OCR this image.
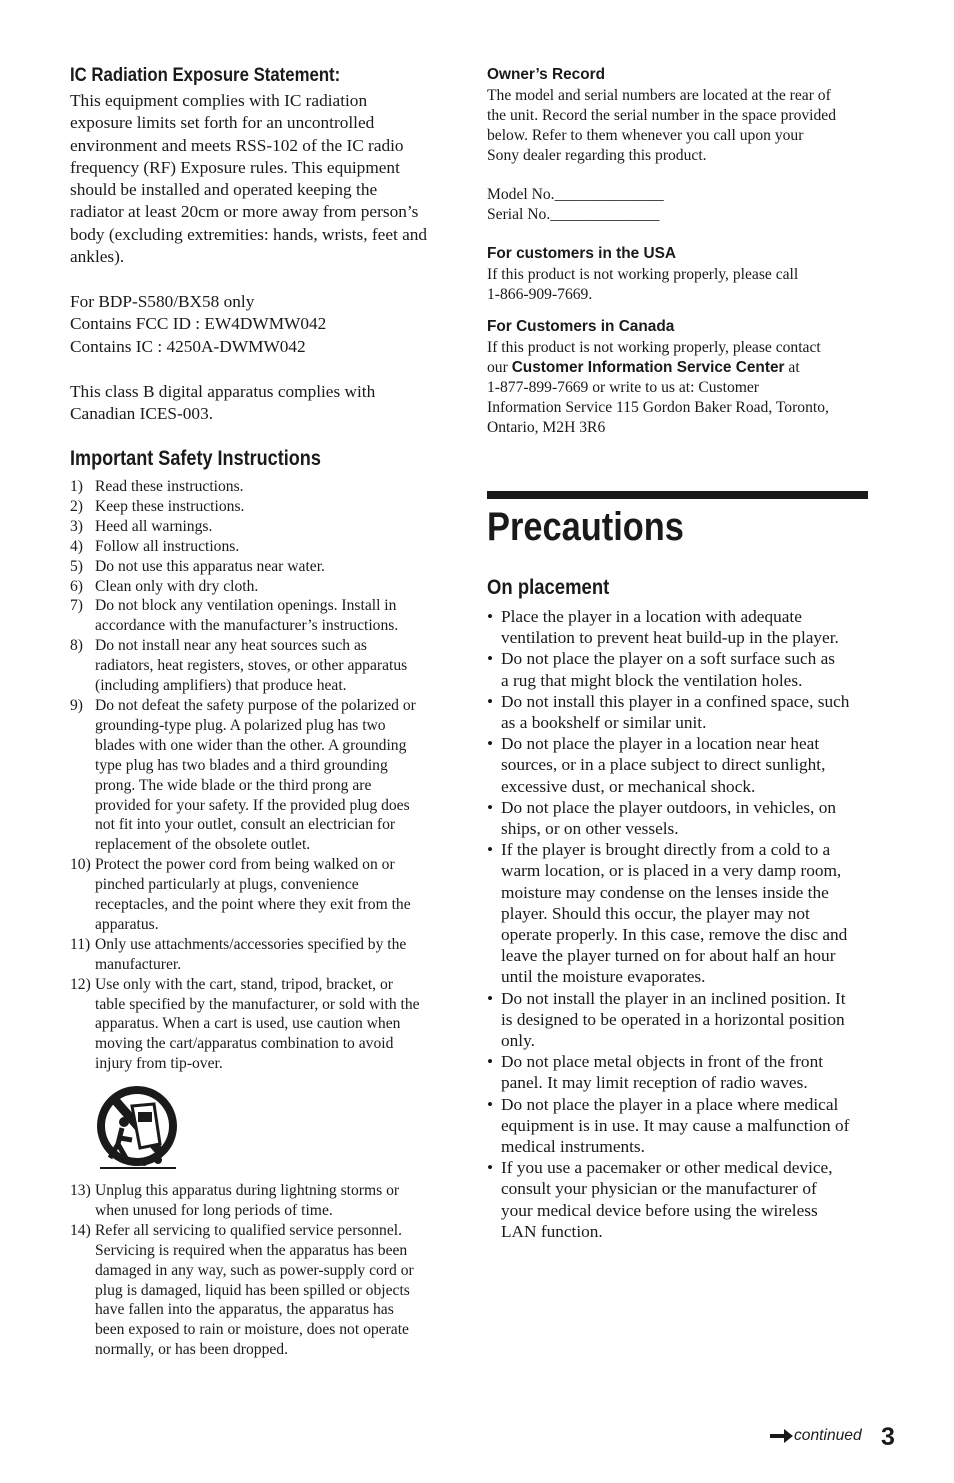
IC Radiation Exposure Statement:
This equipment complies with IC radiation
exposure limits set forth for an uncontrolled
environment and meets RSS-102 of the IC radio
frequency (RF) Exposure rules. This equipment
should be installed and operated keeping the
radiator at least 20cm or more away from person’s
body (excluding extremities: hands, wrists, feet and
ankles).
For BDP-S580/BX58 only
Contains FCC ID : EW4DWMW042
Contains IC : 4250A-DWMW042
This class B digital apparatus complies with
Canadian ICES-003.
Important Safety Instructions
1) Read these instructions.
2) Keep these instructions.
3) Heed all warnings.
4) Follow all instructions.
5) Do not use this apparatus near water.
6) Clean only with dry cloth.
7) Do not block any ventilation openings. Install in
accordance with the manufacturer’s instructions.
8) Do not install near any heat sources such as
radiators, heat registers, stoves, or other apparatus
(including amplifiers) that produce heat.
9) Do not defeat the safety purpose of the polarized or
grounding-type plug. A polarized plug has two
blades with one wider than the other. A grounding
type plug has two blades and a third grounding
prong. The wide blade or the third prong are
provided for your safety. If the provided plug does
not fit into your outlet, consult an electrician for
replacement of the obsolete outlet.
10) Protect the power cord from being walked on or
pinched particularly at plugs, convenience
receptacles, and the point where they exit from the
apparatus.
11) Only use attachments/accessories specified by the
manufacturer.
12) Use only with the cart, stand, tripod, bracket, or
table specified by the manufacturer, or sold with the
apparatus. When a cart is used, use caution when
moving the cart/apparatus combination to avoid
injury from tip-over.
13) Unplug this apparatus during lightning storms or
when unused for long periods of time.
14) Refer all servicing to qualified service personnel.
Servicing is required when the apparatus has been
damaged in any way, such as power-supply cord or
plug is damaged, liquid has been spilled or objects
have fallen into the apparatus, the apparatus has
been exposed to rain or moisture, does not operate
normally, or has been dropped.
Owner’s Record
The model and serial numbers are located at the rear of
the unit. Record the serial number in the space provided
below. Refer to them whenever you call upon your
Sony dealer regarding this product.
Model No.______________
Serial No.______________
For customers in the USA
If this product is not working properly, please call
1-866-909-7669.
For Customers in Canada
If this product is not working properly, please contact
our Customer Information Service Center at
1-877-899-7669 or write to us at: Customer
Information Service 115 Gordon Baker Road, Toronto,
Ontario, M2H 3R6
Precautions
On placement
• Place the player in a location with adequate
ventilation to prevent heat build-up in the player.
• Do not place the player on a soft surface such as
a rug that might block the ventilation holes.
• Do not install this player in a confined space, such
as a bookshelf or similar unit.
• Do not place the player in a location near heat
sources, or in a place subject to direct sunlight,
excessive dust, or mechanical shock.
• Do not place the player outdoors, in vehicles, on
ships, or on other vessels.
• If the player is brought directly from a cold to a
warm location, or is placed in a very damp room,
moisture may condense on the lenses inside the
player. Should this occur, the player may not
operate properly. In this case, remove the disc and
leave the player turned on for about half an hour
until the moisture evaporates.
• Do not install the player in an inclined position. It
is designed to be operated in a horizontal position
only.
• Do not place metal objects in front of the front
panel. It may limit reception of radio waves.
• Do not place the player in a place where medical
equipment is in use. It may cause a malfunction of
medical instruments.
• If you use a pacemaker or other medical device,
consult your physician or the manufacturer of
your medical device before using the wireless
LAN function.
continued 3
